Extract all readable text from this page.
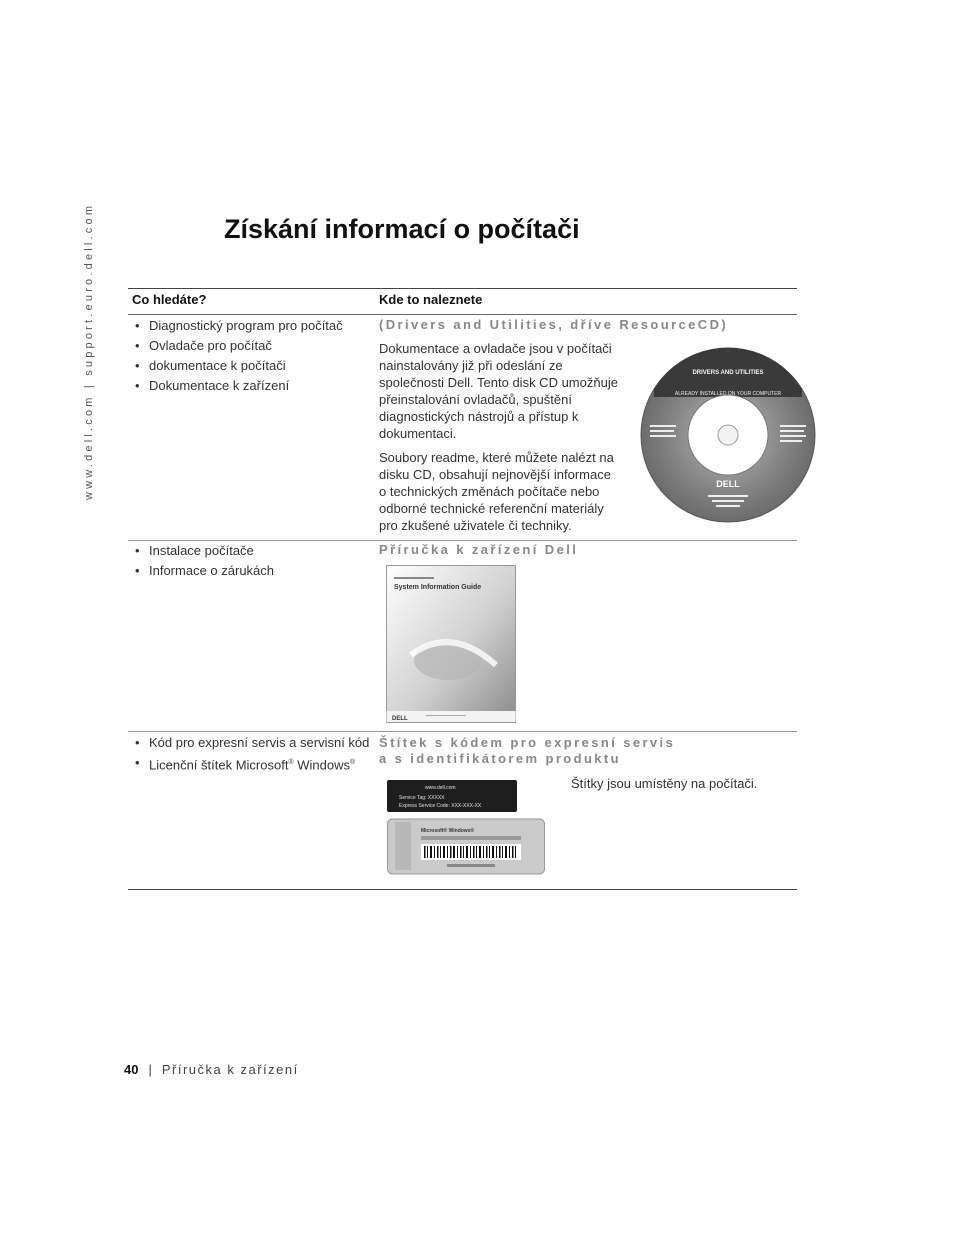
www.dell.com | support.euro.dell.com	Získání informací o počítači
Co hledáte?	Kde to naleznete
• Diagnostický program pro počítač
• Ovladače pro počítač
• dokumentace k počítači
• Dokumentace k zařízení
(Drivers and Utilities, dříve ResourceCD)
Dokumentace a ovladače jsou v počítači nainstalovány již při odeslání ze společnosti Dell. Tento disk CD umožňuje přeinstalování ovladačů, spuštění diagnostických nástrojů a přístup k dokumentaci.
Soubory readme, které můžete nalézt na disku CD, obsahují nejnovější informace o technických změnách počítače nebo odborné technické referenční materiály pro zkušené uživatele či techniky.
DRIVERS AND UTILITIES
ALREADY INSTALLED ON YOUR COMPUTER
DELL
• Instalace počítače
• Informace o zárukách
Příručka k zařízení Dell
System Information Guide
DELL
• Kód pro expresní servis a servisní kód
• Licenční štítek Microsoft® Windows®
Štítek s kódem pro expresní servis
a s identifikátorem produktu
Štítky jsou umístěny na počítači.
www.dell.com
Service Tag: XXXXX
Express Service Code: XXX-XXX-XX
Microsoft® Windows®
40 | Příručka k zařízení
